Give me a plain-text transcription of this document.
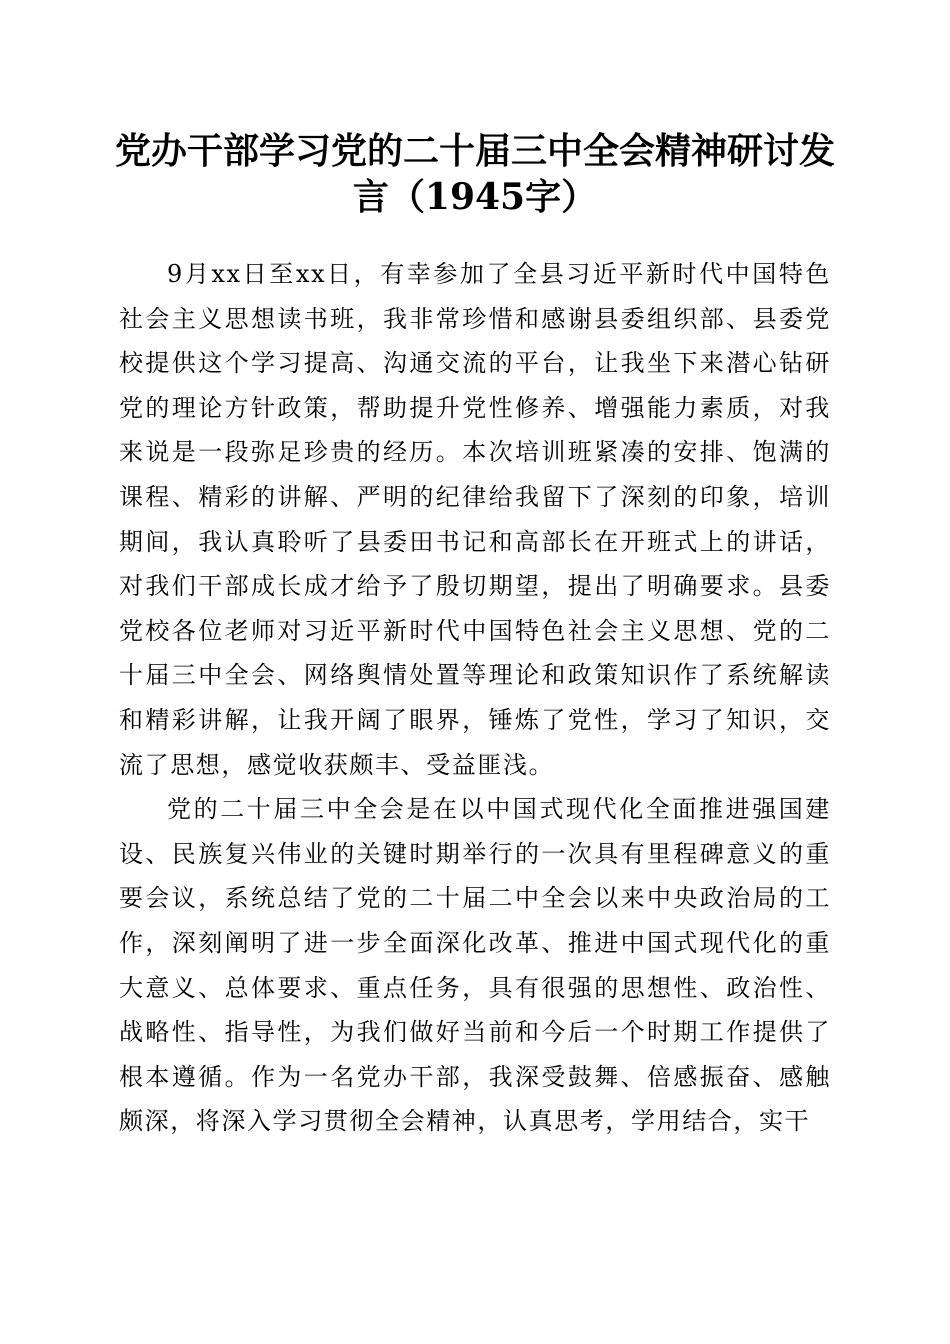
党办干部学习党的二十届三中全会精神研讨发言（1945字）

9月xx日至xx日，有幸参加了全县习近平新时代中国特色社会主义思想读书班，我非常珍惜和感谢县委组织部、县委党校提供这个学习提高、沟通交流的平台，让我坐下来潜心钻研党的理论方针政策，帮助提升党性修养、增强能力素质，对我来说是一段弥足珍贵的经历。本次培训班紧凑的安排、饱满的课程、精彩的讲解、严明的纪律给我留下了深刻的印象，培训期间，我认真聆听了县委田书记和高部长在开班式上的讲话，对我们干部成长成才给予了殷切期望，提出了明确要求。县委党校各位老师对习近平新时代中国特色社会主义思想、党的二十届三中全会、网络舆情处置等理论和政策知识作了系统解读和精彩讲解，让我开阔了眼界，锤炼了党性，学习了知识，交流了思想，感觉收获颇丰、受益匪浅。

党的二十届三中全会是在以中国式现代化全面推进强国建设、民族复兴伟业的关键时期举行的一次具有里程碑意义的重要会议，系统总结了党的二十届二中全会以来中央政治局的工作，深刻阐明了进一步全面深化改革、推进中国式现代化的重大意义、总体要求、重点任务，具有很强的思想性、政治性、战略性、指导性，为我们做好当前和今后一个时期工作提供了根本遵循。作为一名党办干部，我深受鼓舞、倍感振奋、感触颇深，将深入学习贯彻全会精神，认真思考，学用结合，实干
